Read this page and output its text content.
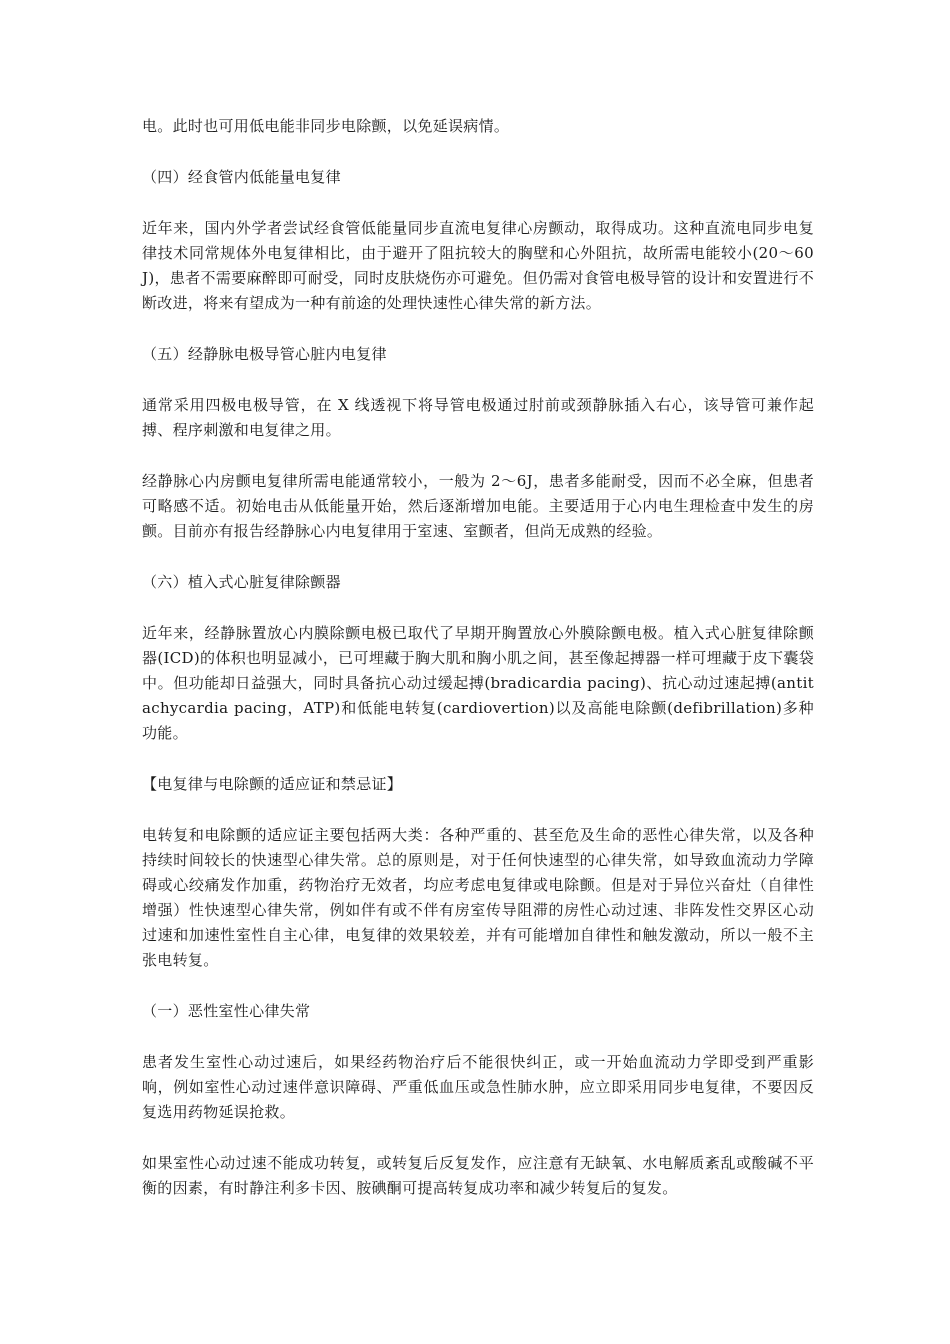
电。此时也可用低电能非同步电除颤，以免延误病情。

（四）经食管内低能量电复律

近年来，国内外学者尝试经食管低能量同步直流电复律心房颤动，取得成功。这种直流电同步电复律技术同常规体外电复律相比，由于避开了阻抗较大的胸壁和心外阻抗，故所需电能较小(20～60J)，患者不需要麻醉即可耐受，同时皮肤烧伤亦可避免。但仍需对食管电极导管的设计和安置进行不断改进，将来有望成为一种有前途的处理快速性心律失常的新方法。

（五）经静脉电极导管心脏内电复律

通常采用四极电极导管，在 X 线透视下将导管电极通过肘前或颈静脉插入右心，该导管可兼作起搏、程序刺激和电复律之用。

经静脉心内房颤电复律所需电能通常较小，一般为 2～6J，患者多能耐受，因而不必全麻，但患者可略感不适。初始电击从低能量开始，然后逐渐增加电能。主要适用于心内电生理检查中发生的房颤。目前亦有报告经静脉心内电复律用于室速、室颤者，但尚无成熟的经验。

（六）植入式心脏复律除颤器

近年来，经静脉置放心内膜除颤电极已取代了早期开胸置放心外膜除颤电极。植入式心脏复律除颤器(ICD)的体积也明显减小，已可埋藏于胸大肌和胸小肌之间，甚至像起搏器一样可埋藏于皮下囊袋中。但功能却日益强大，同时具备抗心动过缓起搏(bradicardia pacing)、抗心动过速起搏(antitachycardia pacing，ATP)和低能电转复(cardiovertion)以及高能电除颤(defibrillation)多种功能。

【电复律与电除颤的适应证和禁忌证】

电转复和电除颤的适应证主要包括两大类：各种严重的、甚至危及生命的恶性心律失常，以及各种持续时间较长的快速型心律失常。总的原则是，对于任何快速型的心律失常，如导致血流动力学障碍或心绞痛发作加重，药物治疗无效者，均应考虑电复律或电除颤。但是对于异位兴奋灶（自律性增强）性快速型心律失常，例如伴有或不伴有房室传导阻滞的房性心动过速、非阵发性交界区心动过速和加速性室性自主心律，电复律的效果较差，并有可能增加自律性和触发激动，所以一般不主张电转复。

（一）恶性室性心律失常

患者发生室性心动过速后，如果经药物治疗后不能很快纠正，或一开始血流动力学即受到严重影响，例如室性心动过速伴意识障碍、严重低血压或急性肺水肿，应立即采用同步电复律，不要因反复选用药物延误抢救。

如果室性心动过速不能成功转复，或转复后反复发作，应注意有无缺氧、水电解质紊乱或酸碱不平衡的因素，有时静注利多卡因、胺碘酮可提高转复成功率和减少转复后的复发。
